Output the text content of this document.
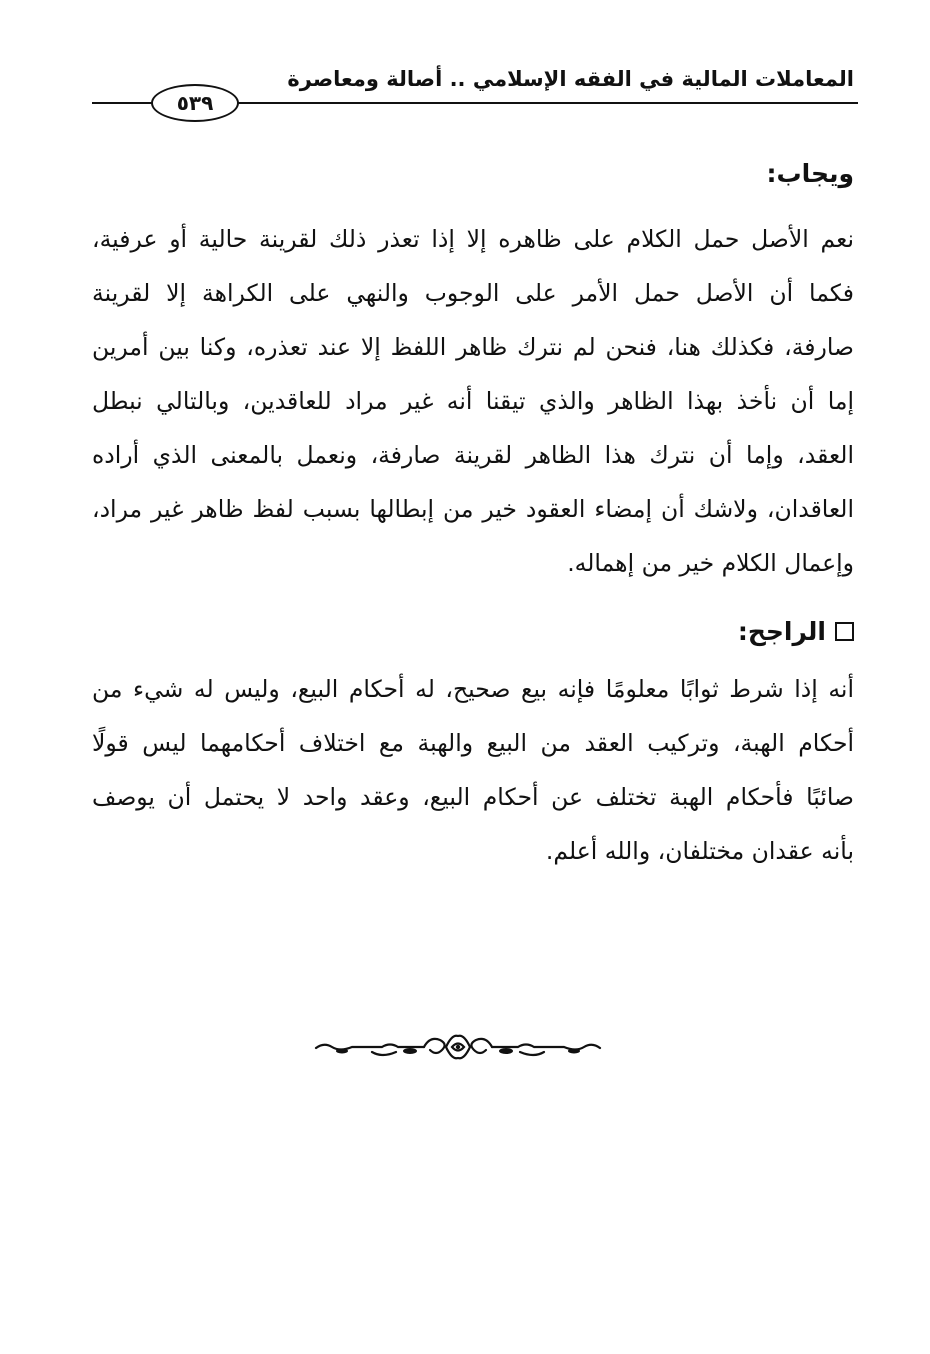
المعاملات المالية في الفقه الإسلامي .. أصالة ومعاصرة
٥٣٩
ويجاب:
نعم الأصل حمل الكلام على ظاهره إلا إذا تعذر ذلك لقرينة حالية أو عرفية،
فكما أن الأصل حمل الأمر على الوجوب والنهي على الكراهة إلا لقرينة
صارفة، فكذلك هنا، فنحن لم نترك ظاهر اللفظ إلا عند تعذره، وكنا بين أمرين
إما أن نأخذ بهذا الظاهر والذي تيقنا أنه غير مراد للعاقدين، وبالتالي نبطل
العقد، وإما أن نترك هذا الظاهر لقرينة صارفة، ونعمل بالمعنى الذي أراده
العاقدان، ولاشك أن إمضاء العقود خير من إبطالها بسبب لفظ ظاهر غير مراد،
وإعمال الكلام خير من إهماله.
الراجح:
أنه إذا شرط ثوابًا معلومًا فإنه بيع صحيح، له أحكام البيع، وليس له شيء من
أحكام الهبة، وتركيب العقد من البيع والهبة مع اختلاف أحكامهما ليس قولًا
صائبًا فأحكام الهبة تختلف عن أحكام البيع، وعقد واحد لا يحتمل أن يوصف
بأنه عقدان مختلفان، والله أعلم.
